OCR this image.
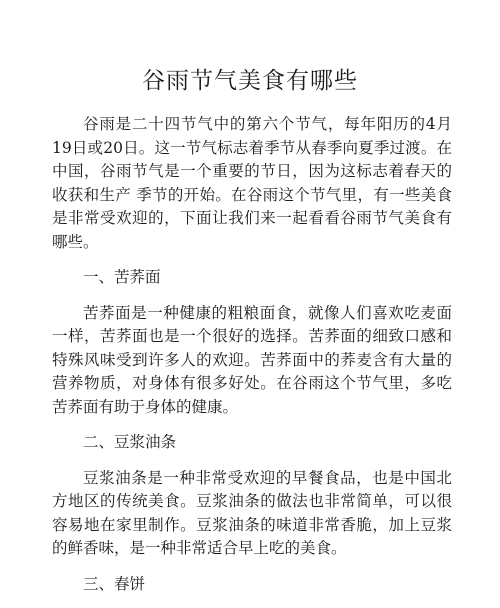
谷雨节气美食有哪些

谷雨是二十四节气中的第六个节气，每年阳历的4月19日或20日。这一节气标志着季节从春季向夏季过渡。在中国，谷雨节气是一个重要的节日，因为这标志着春天的收获和生产 季节的开始。在谷雨这个节气里，有一些美食是非常受欢迎的，下面让我们来一起看看谷雨节气美食有哪些。

一、苦荞面

苦荞面是一种健康的粗粮面食，就像人们喜欢吃麦面一样，苦荞面也是一个很好的选择。苦荞面的细致口感和特殊风味受到许多人的欢迎。苦荞面中的荞麦含有大量的营养物质，对身体有很多好处。在谷雨这个节气里，多吃苦荞面有助于身体的健康。

二、豆浆油条

豆浆油条是一种非常受欢迎的早餐食品，也是中国北方地区的传统美食。豆浆油条的做法也非常简单，可以很容易地在家里制作。豆浆油条的味道非常香脆，加上豆浆的鲜香味，是一种非常适合早上吃的美食。

三、春饼
